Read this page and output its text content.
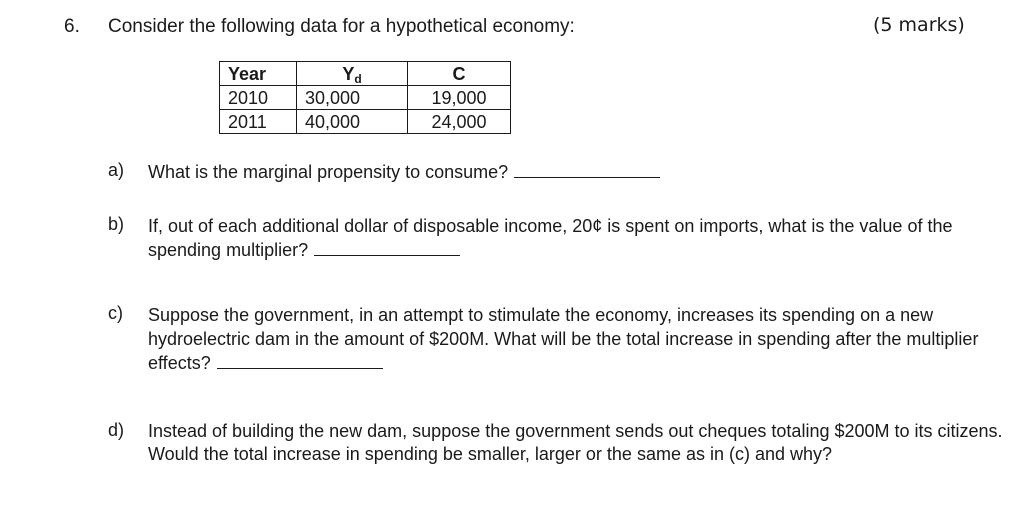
6. Consider the following data for a hypothetical economy:	(5 marks)
Year	$Y_d$	C
2010	30,000	19,000
2011	40,000	24,000
a) What is the marginal propensity to consume?
b) If, out of each additional dollar of disposable income, 20¢ is spent on imports, what is the value of the spending multiplier?
c) Suppose the government, in an attempt to stimulate the economy, increases its spending on a new hydroelectric dam in the amount of $200M. What will be the total increase in spending after the multiplier effects?
d) Instead of building the new dam, suppose the government sends out cheques totaling $200M to its citizens. Would the total increase in spending be smaller, larger or the same as in (c) and why?
